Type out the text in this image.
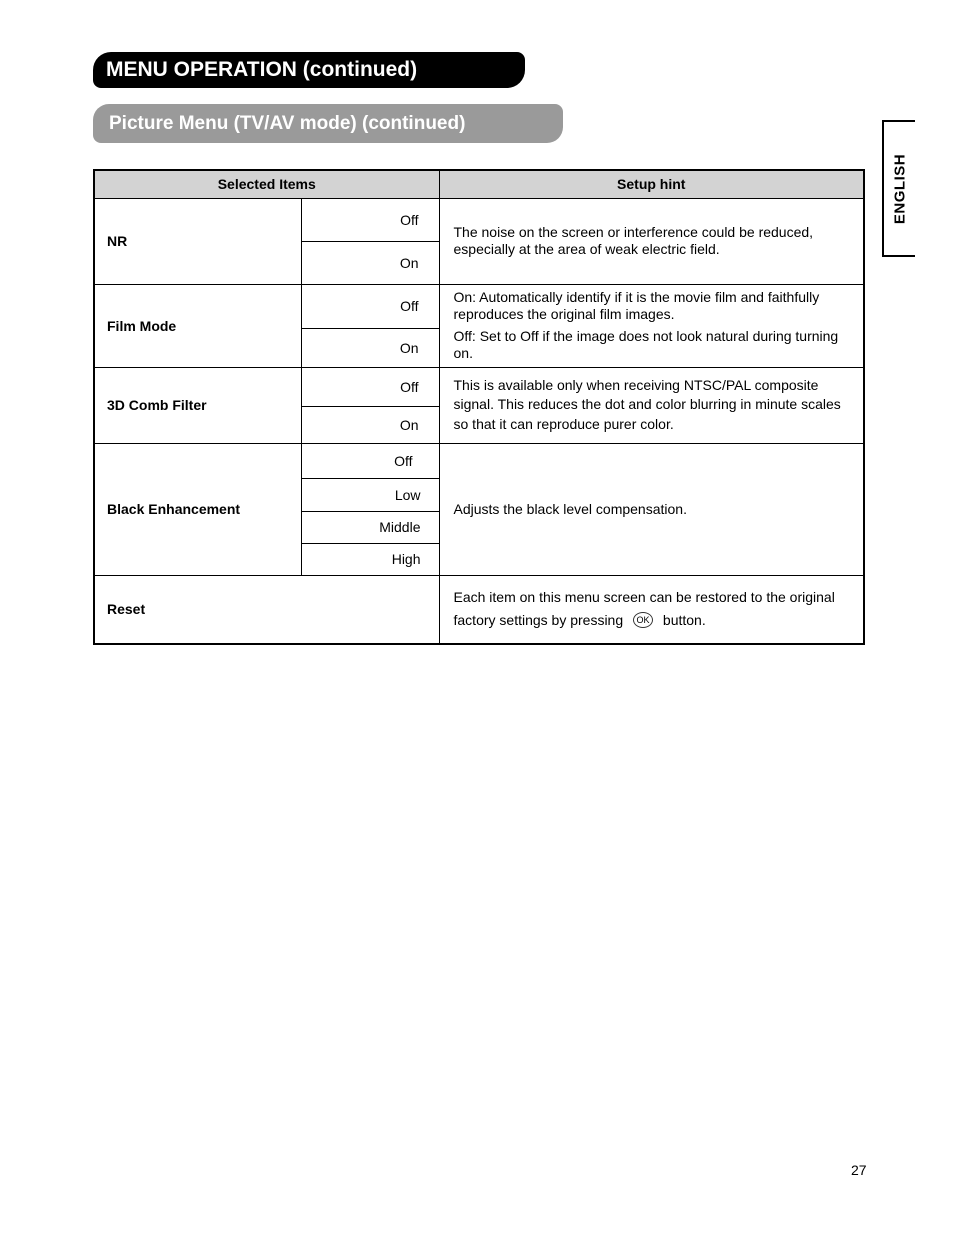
MENU OPERATION (continued)
Picture Menu (TV/AV mode) (continued)
ENGLISH
Selected Items		Setup hint
NR	Off	The noise on the screen or interference could be reduced, especially at the area of weak electric field.

	On	
Film Mode	Off	On: Automatically identify if it is the movie film and faithfully reproduces the original film images.

Off: Set to Off if the image does not look natural during turning on.

	On	
3D Comb Filter	Off	This is available only when receiving NTSC/PAL composite signal. This reduces the dot and color blurring in minute scales so that it can reproduce purer color.

	On	
Black Enhancement	Off	Adjusts the black level compensation.

	Low	
	Middle	
	High	
Reset		Each item on this menu screen can be restored to the original factory settings by pressing OK button.
27
